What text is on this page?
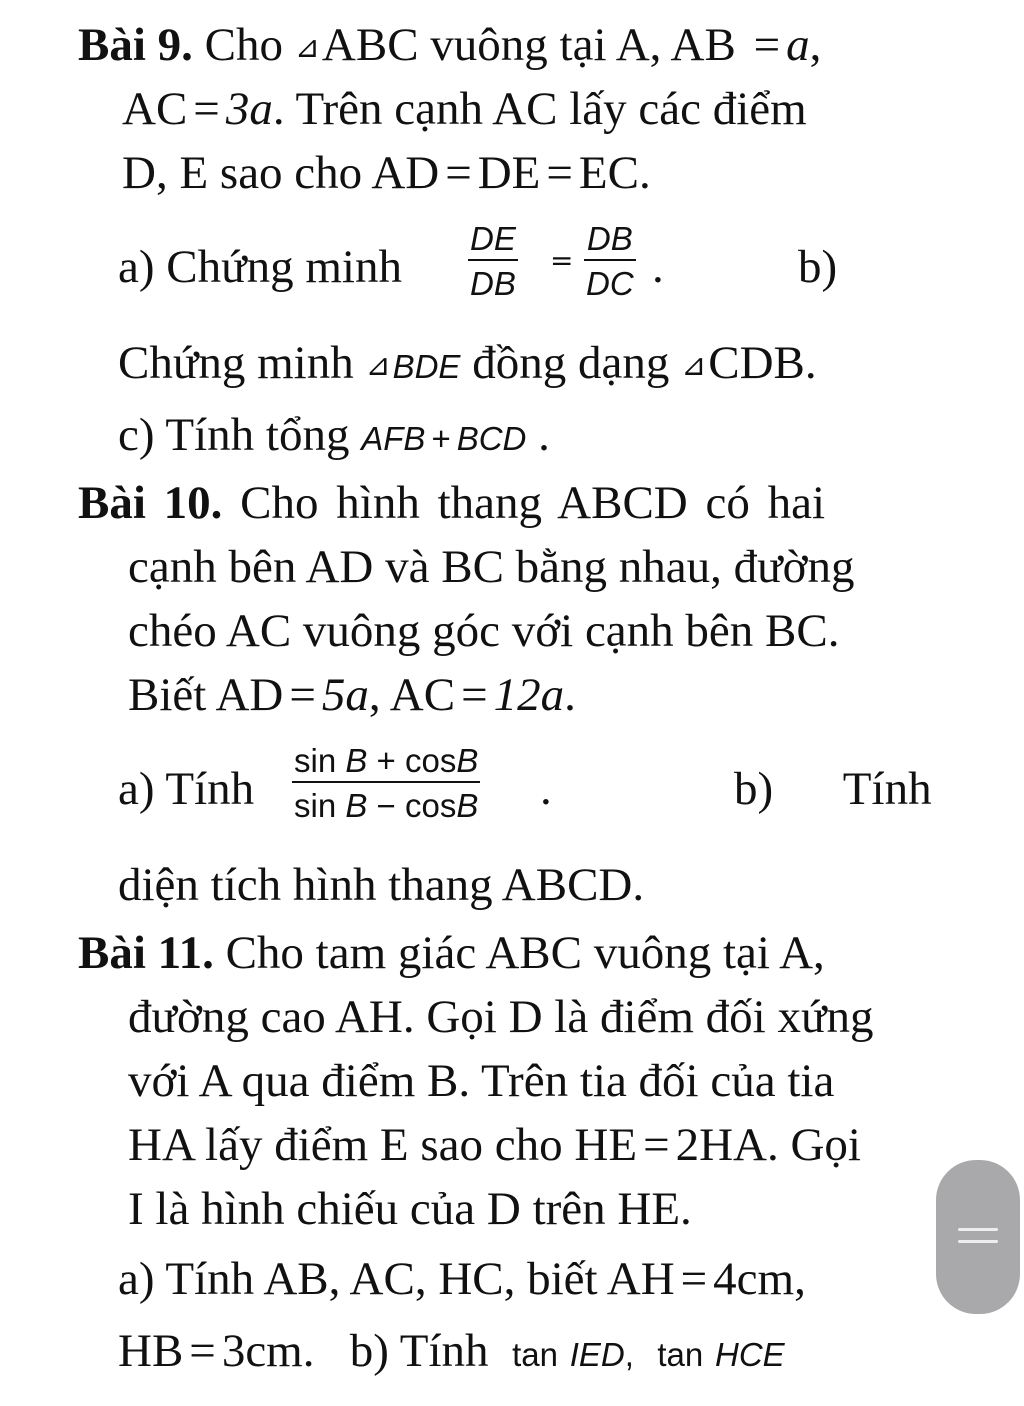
Bài 9. Cho ⊿ABC vuông tại A, AB = a,
AC = 3a. Trên cạnh AC lấy các điểm
D, E sao cho AD = DE = EC.
a) Chứng minh $\frac{DE}{DB} = \frac{DB}{DC}$ .	b)
Chứng minh ⊿BDE đồng dạng ⊿CDB.
c) Tính tổng AFB + BCD .
Bài 10. Cho hình thang ABCD có hai
cạnh bên AD và BC bằng nhau, đường
chéo AC vuông góc với cạnh bên BC.
Biết AD = 5a, AC = 12a.
a) Tính $\frac{\text{sin B + cosB}}{\text{sin B − cosB}}$ .	b)      Tính
diện tích hình thang ABCD.
Bài 11. Cho tam giác ABC vuông tại A,
đường cao AH. Gọi D là điểm đối xứng
với A qua điểm B. Trên tia đối của tia
HA lấy điểm E sao cho HE = 2HA. Gọi
I là hình chiếu của D trên HE.
a) Tính AB, AC, HC, biết AH = 4cm,
HB = 3cm. b) Tính tan IED, tan HCE
